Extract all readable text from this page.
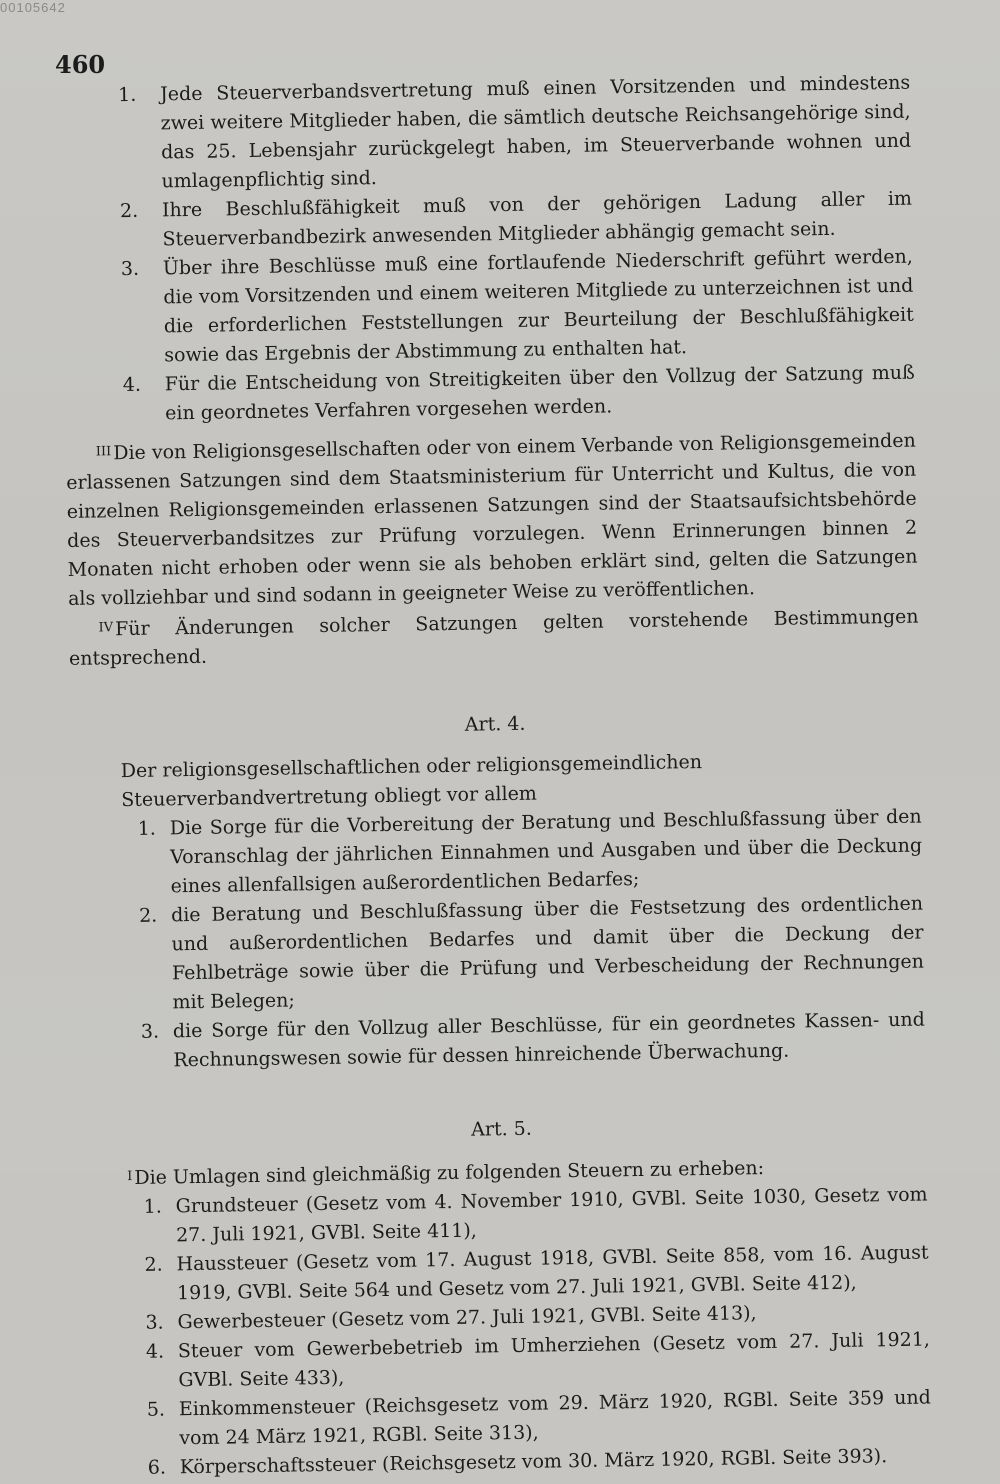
00105642
460
1. Jede Steuerverbandsvertretung muß einen Vorsitzenden und mindestens zwei weitere Mitglieder haben, die sämtlich deutsche Reichsangehörige sind, das 25. Lebensjahr zurückgelegt haben, im Steuerverbande wohnen und umlagenpflichtig sind.
2. Ihre Beschlußfähigkeit muß von der gehörigen Ladung aller im Steuerverbandbezirk anwesenden Mitglieder abhängig gemacht sein.
3. Über ihre Beschlüsse muß eine fortlaufende Niederschrift geführt werden, die vom Vorsitzenden und einem weiteren Mitgliede zu unterzeichnen ist und die erforderlichen Feststellungen zur Beurteilung der Beschlußfähigkeit sowie das Ergebnis der Abstimmung zu enthalten hat.
4. Für die Entscheidung von Streitigkeiten über den Vollzug der Satzung muß ein geordnetes Verfahren vorgesehen werden.

$^{III}$Die von Religionsgesellschaften oder von einem Verbande von Religionsgemeinden erlassenen Satzungen sind dem Staatsministerium für Unterricht und Kultus, die von einzelnen Religionsgemeinden erlassenen Satzungen sind der Staatsaufsichtsbehörde des Steuerverbandsitzes zur Prüfung vorzulegen. Wenn Erinnerungen binnen 2 Monaten nicht erhoben oder wenn sie als behoben erklärt sind, gelten die Satzungen als vollziehbar und sind sodann in geeigneter Weise zu veröffentlichen.

$^{IV}$Für Änderungen solcher Satzungen gelten vorstehende Bestimmungen entsprechend.

Art. 4.
Der religionsgesellschaftlichen oder religionsgemeindlichen Steuerverbandvertretung obliegt vor allem
1. Die Sorge für die Vorbereitung der Beratung und Beschlußfassung über den Voranschlag der jährlichen Einnahmen und Ausgaben und über die Deckung eines allenfallsigen außerordentlichen Bedarfes;
2. die Beratung und Beschlußfassung über die Festsetzung des ordentlichen und außerordentlichen Bedarfes und damit über die Deckung der Fehlbeträge sowie über die Prüfung und Verbescheidung der Rechnungen mit Belegen;
3. die Sorge für den Vollzug aller Beschlüsse, für ein geordnetes Kassen- und Rechnungswesen sowie für dessen hinreichende Überwachung.
Art. 5.
$^I$Die Umlagen sind gleichmäßig zu folgenden Steuern zu erheben:
1. Grundsteuer (Gesetz vom 4. November 1910, GVBl. Seite 1030, Gesetz vom 27. Juli 1921, GVBl. Seite 411),
2. Haussteuer (Gesetz vom 17. August 1918, GVBl. Seite 858, vom 16. August 1919, GVBl. Seite 564 und Gesetz vom 27. Juli 1921, GVBl. Seite 412),
3. Gewerbesteuer (Gesetz vom 27. Juli 1921, GVBl. Seite 413),
4. Steuer vom Gewerbebetrieb im Umherziehen (Gesetz vom 27. Juli 1921, GVBl. Seite 433),
5. Einkommensteuer (Reichsgesetz vom 29. März 1920, RGBl. Seite 359 und vom 24 März 1921, RGBl. Seite 313),
6. Körperschaftssteuer (Reichsgesetz vom 30. März 1920, RGBl. Seite 393).
